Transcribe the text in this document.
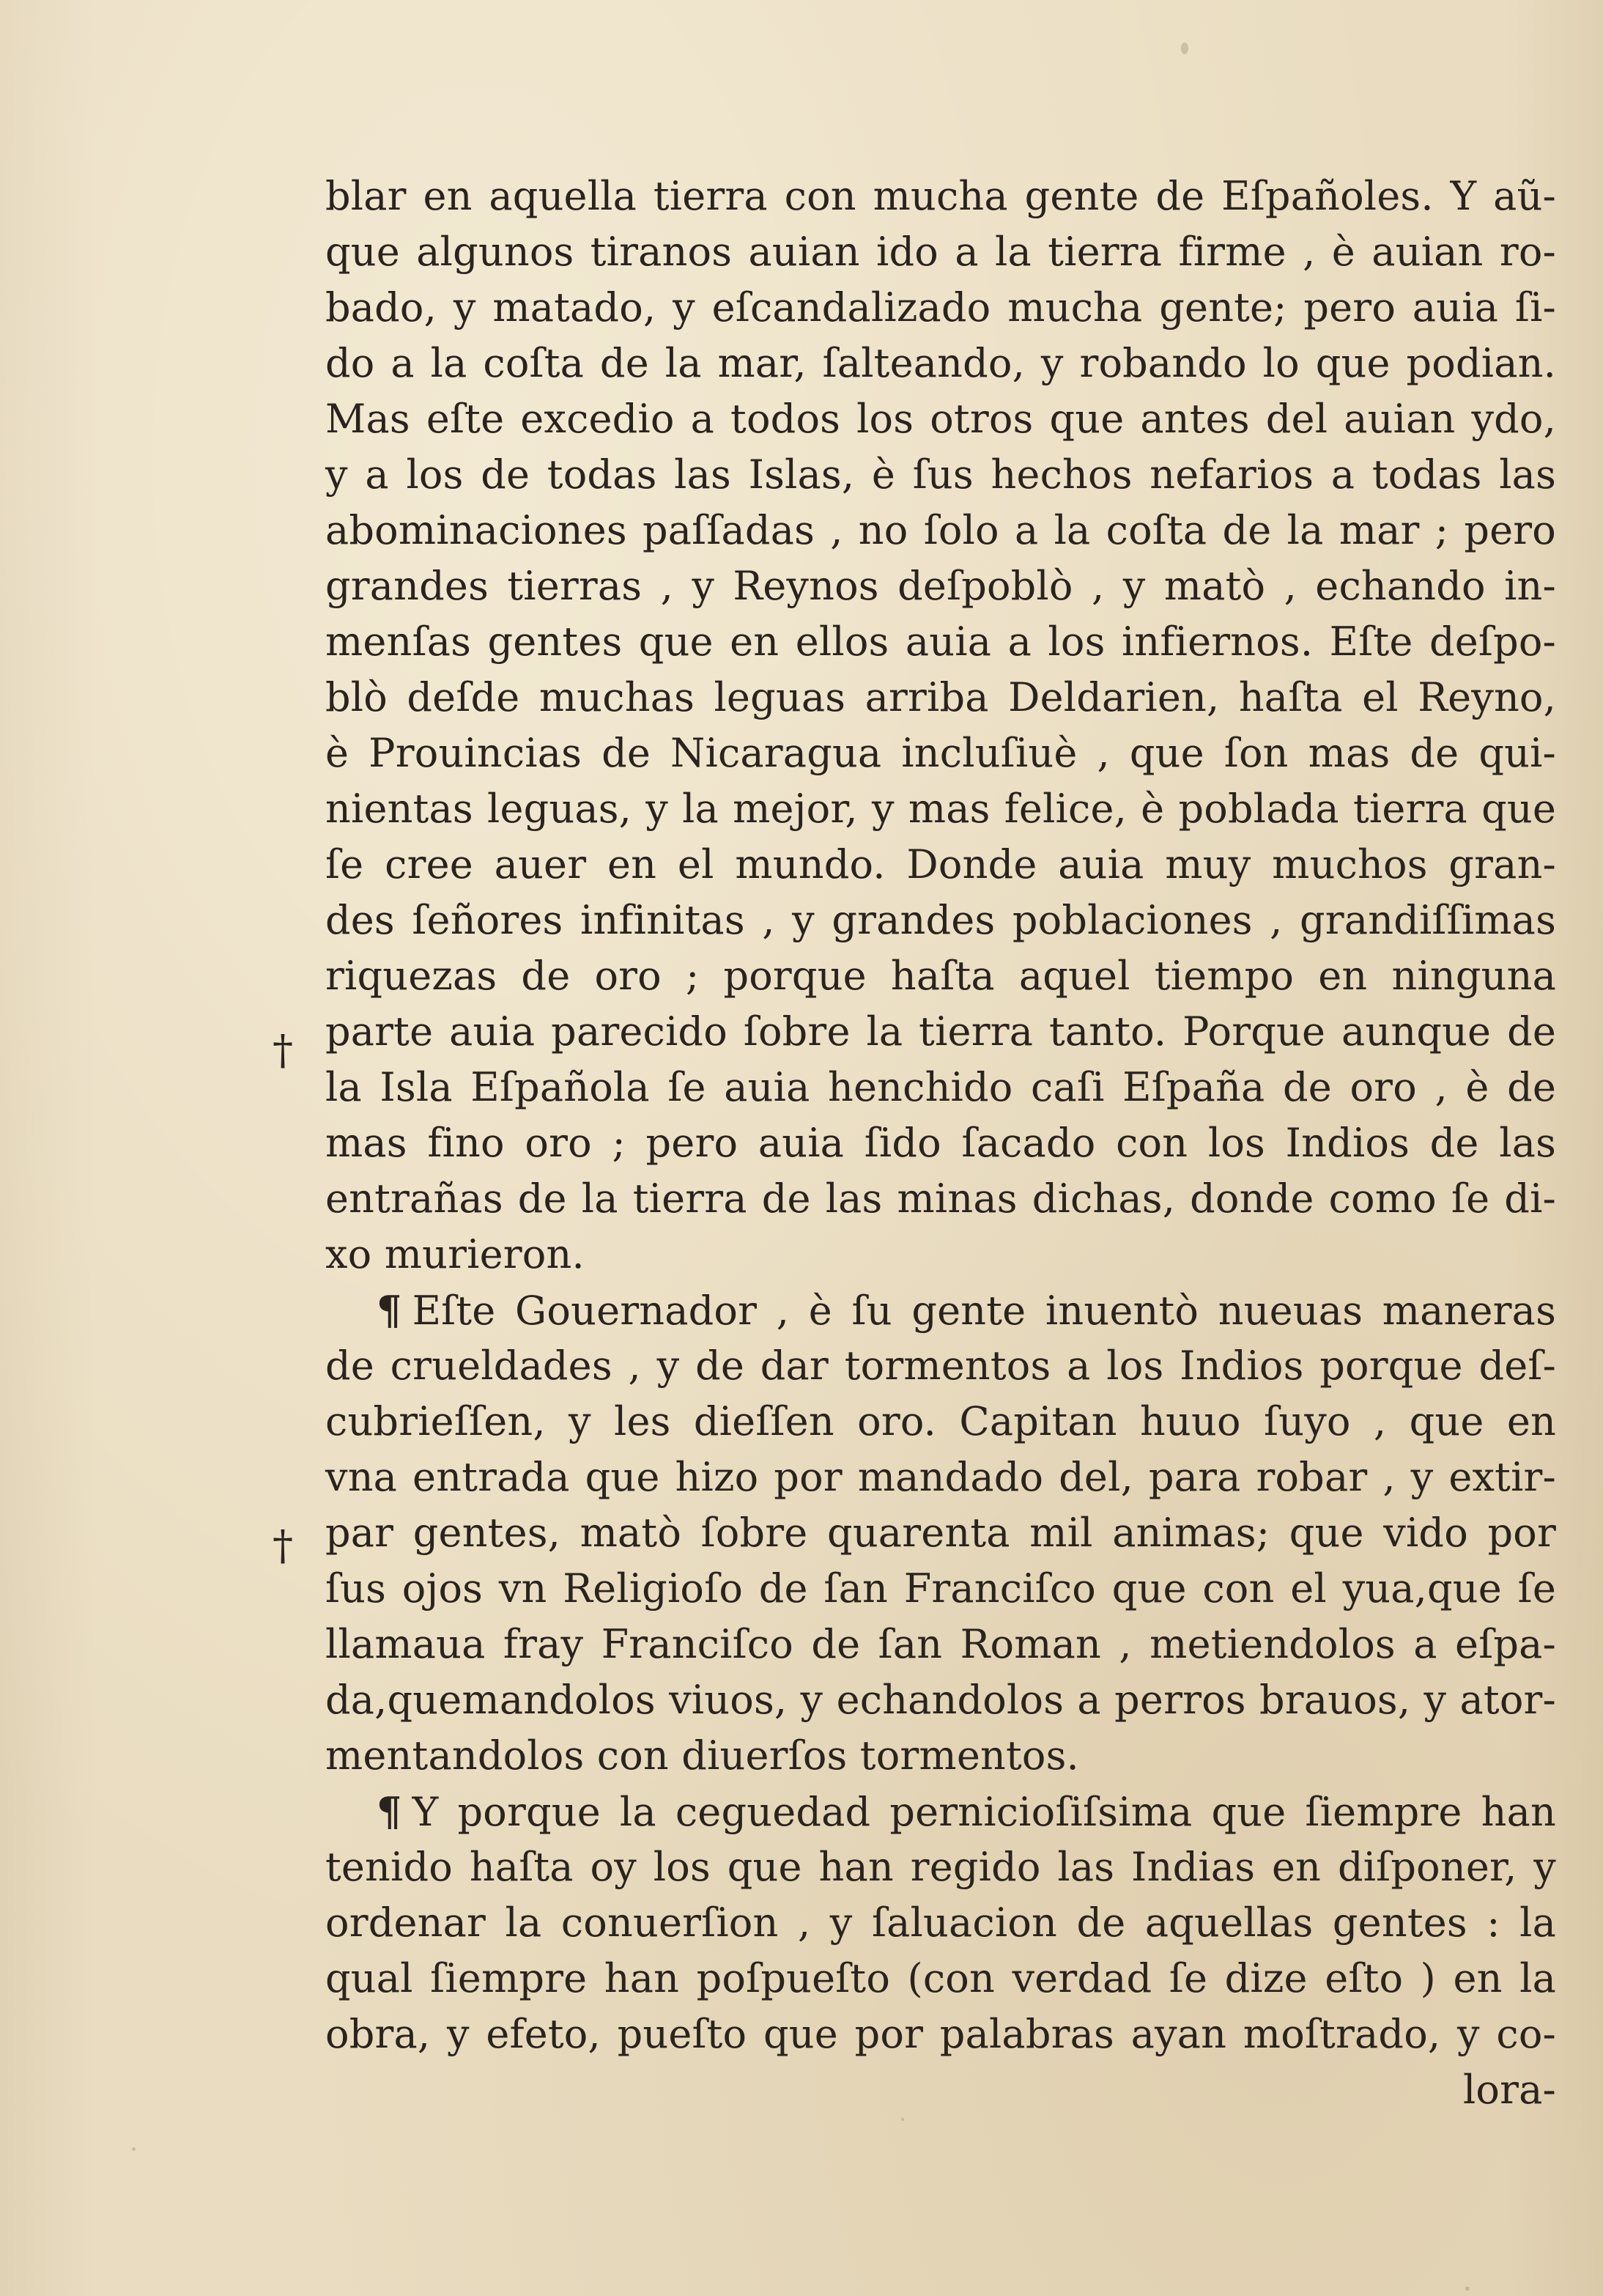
†
†
blar en aquella tierra con mucha gente de Eſpañoles. Y aũ-
que algunos tiranos auian ido a la tierra firme , è auian ro-
bado, y matado, y eſcandalizado mucha gente; pero auia ſi-
do a la coſta de la mar, ſalteando, y robando lo que podian.
Mas eſte excedio a todos los otros que antes del auian ydo,
y a los de todas las Islas, è ſus hechos nefarios a todas las
abominaciones paſſadas , no ſolo a la coſta de la mar ; pero
grandes tierras , y Reynos deſpoblò , y matò , echando in-
menſas gentes que en ellos auia a los infiernos. Eſte deſpo-
blò deſde muchas leguas arriba Deldarien, haſta el Reyno,
è Prouincias de Nicaragua incluſiuè , que ſon mas de qui-
nientas leguas, y la mejor, y mas felice, è poblada tierra que
ſe cree auer en el mundo. Donde auia muy muchos gran-
des ſeñores infinitas , y grandes poblaciones , grandiſſimas
riquezas de oro ; porque haſta aquel tiempo en ninguna
parte auia parecido ſobre la tierra tanto. Porque aunque de
la Isla Eſpañola ſe auia henchido caſi Eſpaña de oro , è de
mas fino oro ; pero auia ſido ſacado con los Indios de las
entrañas de la tierra de las minas dichas, donde como ſe di-
xo murieron.
¶ Eſte Gouernador , è ſu gente inuentò nueuas maneras
de crueldades , y de dar tormentos a los Indios porque deſ-
cubrieſſen, y les dieſſen oro. Capitan huuo ſuyo , que en
vna entrada que hizo por mandado del, para robar , y extir-
par gentes, matò ſobre quarenta mil animas; que vido por
ſus ojos vn Religioſo de ſan Franciſco que con el yua,que ſe
llamaua fray Franciſco de ſan Roman , metiendolos a eſpa-
da,quemandolos viuos, y echandolos a perros brauos, y ator-
mentandolos con diuerſos tormentos.
¶ Y porque la ceguedad pernicioſiſsima que ſiempre han
tenido haſta oy los que han regido las Indias en diſponer, y
ordenar la conuerſion , y ſaluacion de aquellas gentes : la
qual ſiempre han poſpueſto (con verdad ſe dize eſto ) en la
obra, y efeto, pueſto que por palabras ayan moſtrado, y co-
lora-
